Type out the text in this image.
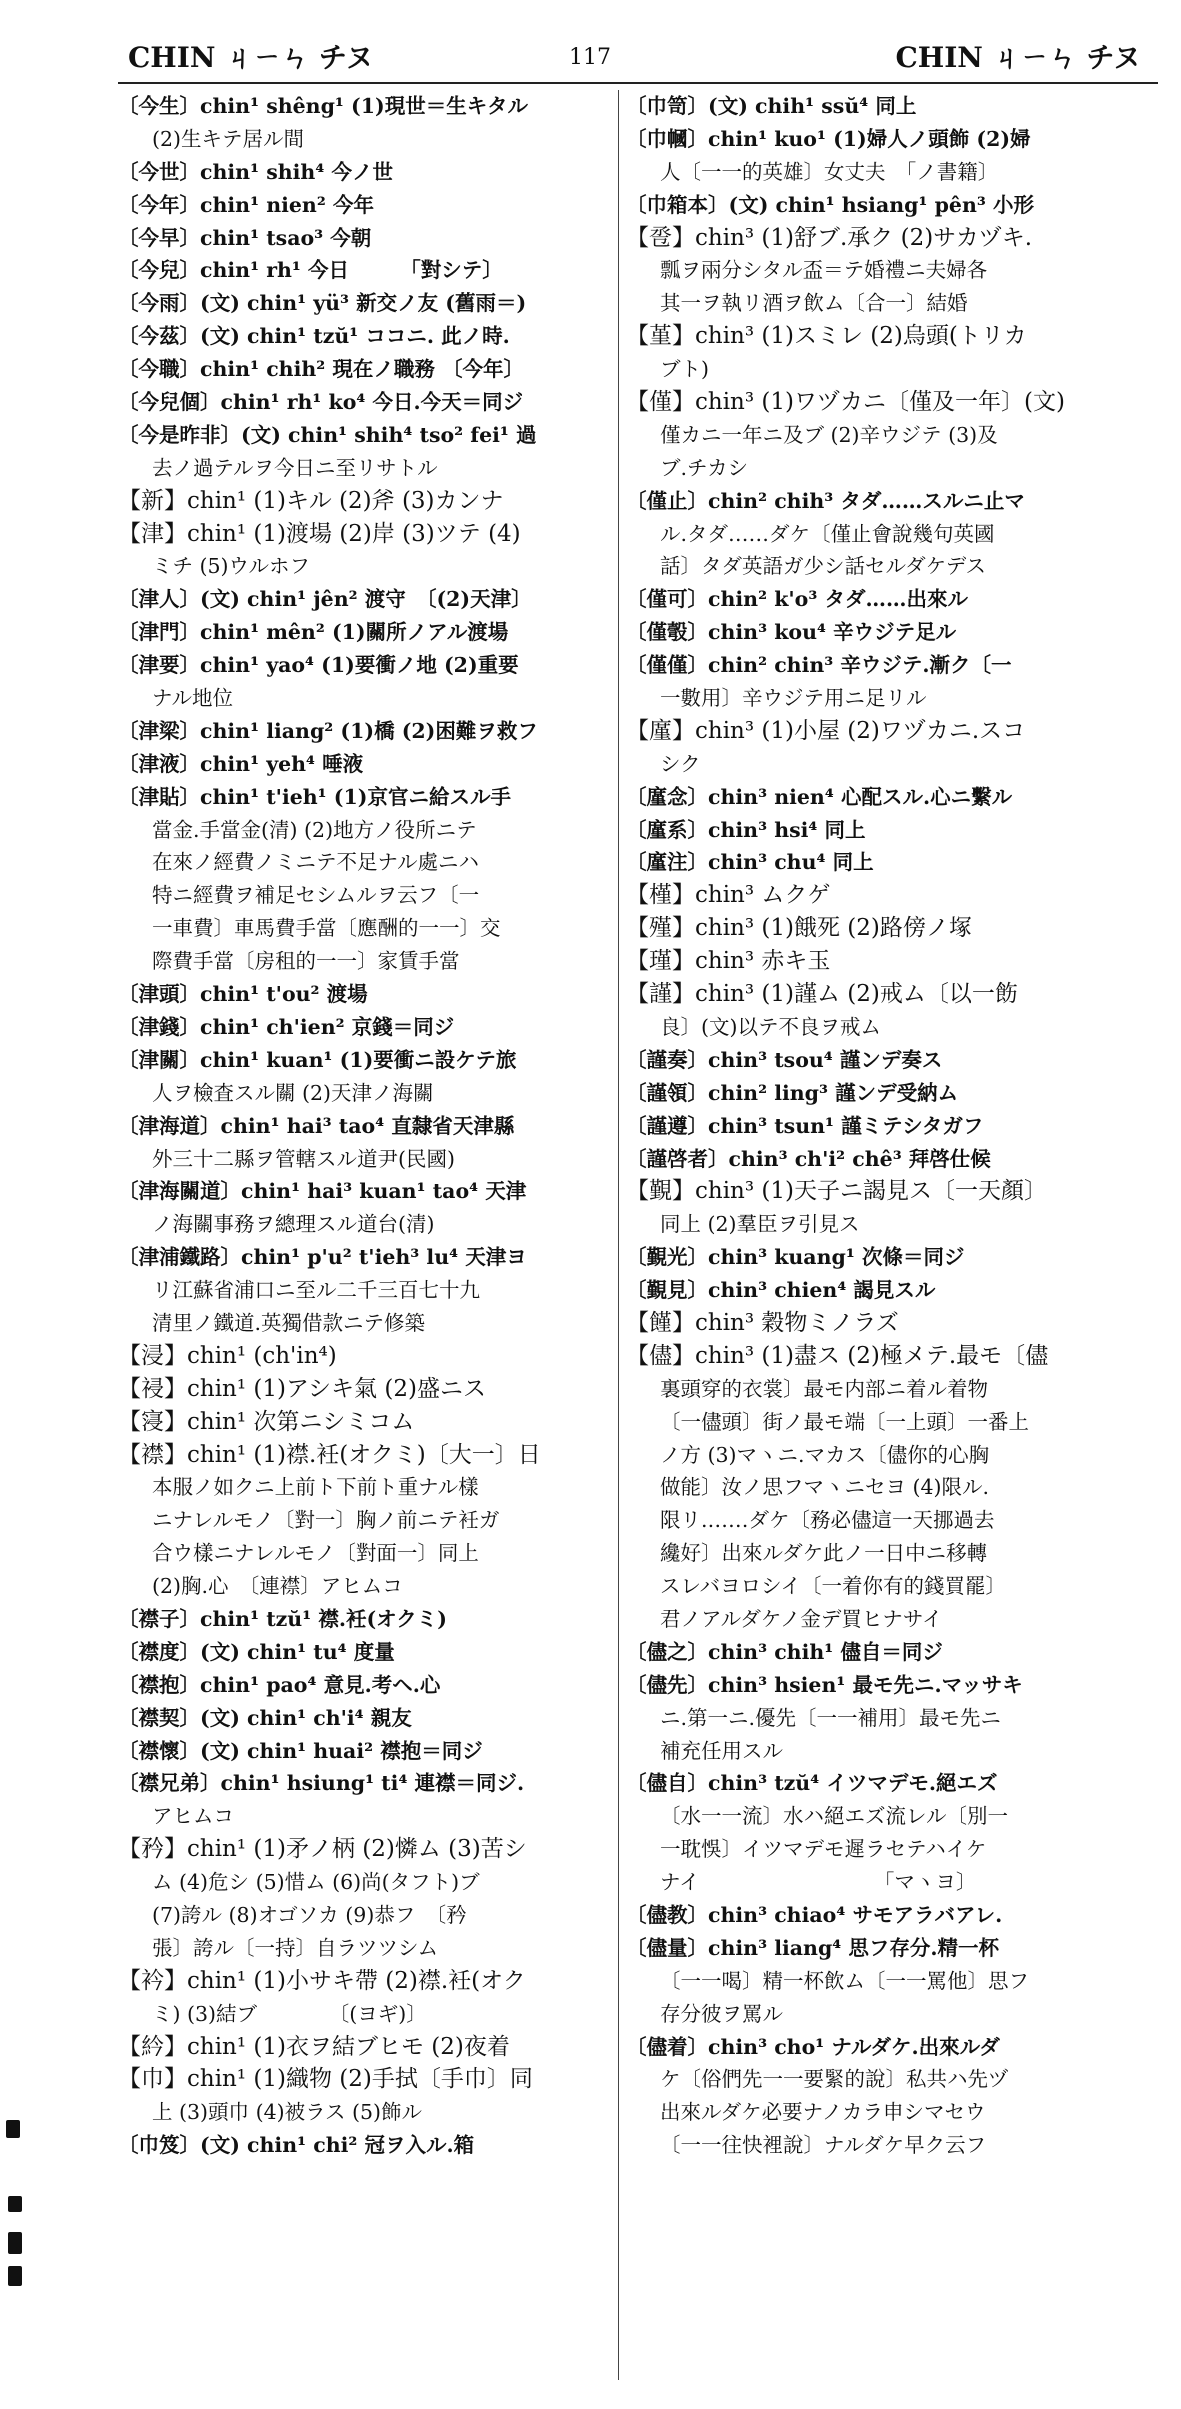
CHIN ㄐㄧㄣ チヌ	117	CHIN ㄐㄧㄣ チヌ
〔今生〕chin¹ shêng¹ (1)現世＝生キタル
(2)生キテ居ル間
〔今世〕chin¹ shih⁴ 今ノ世
〔今年〕chin¹ nien² 今年
〔今早〕chin¹ tsao³ 今朝
〔今兒〕chin¹ rh¹ 今日　　　「對シテ〕
〔今雨〕(文) chin¹ yü³ 新交ノ友 (舊雨＝)
〔今茲〕(文) chin¹ tzŭ¹ ココニ. 此ノ時.
〔今職〕chin¹ chih² 現在ノ職務 〔今年〕
〔今兒個〕chin¹ rh¹ ko⁴ 今日.今天＝同ジ
〔今是昨非〕(文) chin¹ shih⁴ tso² fei¹ 過
去ノ過テルヲ今日ニ至リサトル
【新】chin¹ (1)キル (2)斧 (3)カンナ
【津】chin¹ (1)渡場 (2)岸 (3)ツテ (4)
ミチ (5)ウルホフ
〔津人〕(文) chin¹ jên² 渡守　〔(2)天津〕
〔津門〕chin¹ mên² (1)關所ノアル渡場
〔津要〕chin¹ yao⁴ (1)要衝ノ地 (2)重要
ナル地位
〔津梁〕chin¹ liang² (1)橋 (2)困難ヲ救フ
〔津液〕chin¹ yeh⁴ 唾液
〔津貼〕chin¹ t'ieh¹ (1)京官ニ給スル手
當金.手當金(清) (2)地方ノ役所ニテ
在來ノ經費ノミニテ不足ナル處ニハ
特ニ經費ヲ補足セシムルヲ云フ〔一
一車費〕車馬費手當〔應酬的一一〕交
際費手當〔房租的一一〕家賃手當
〔津頭〕chin¹ t'ou² 渡場
〔津錢〕chin¹ ch'ien² 京錢＝同ジ
〔津關〕chin¹ kuan¹ (1)要衝ニ設ケテ旅
人ヲ檢査スル關 (2)天津ノ海關
〔津海道〕chin¹ hai³ tao⁴ 直隸省天津縣
外三十二縣ヲ管轄スル道尹(民國)
〔津海關道〕chin¹ hai³ kuan¹ tao⁴ 天津
ノ海關事務ヲ總理スル道台(清)
〔津浦鐵路〕chin¹ p'u² t'ieh³ lu⁴ 天津ヨ
リ江蘇省浦口ニ至ル二千三百七十九
清里ノ鐵道.英獨借款ニテ修築
【浸】chin¹ (ch'in⁴)
【祲】chin¹ (1)アシキ氣 (2)盛ニス
【寖】chin¹ 次第ニシミコム
【襟】chin¹ (1)襟.衽(オクミ)〔大一〕日
本服ノ如クニ上前ト下前ト重ナル樣
ニナレルモノ〔對一〕胸ノ前ニテ衽ガ
合ウ樣ニナレルモノ〔對面一〕同上
(2)胸.心　〔連襟〕アヒムコ
〔襟子〕chin¹ tzŭ¹ 襟.衽(オクミ)
〔襟度〕(文) chin¹ tu⁴ 度量
〔襟抱〕chin¹ pao⁴ 意見.考ヘ.心
〔襟契〕(文) chin¹ ch'i⁴ 親友
〔襟懷〕(文) chin¹ huai² 襟抱＝同ジ
〔襟兄弟〕chin¹ hsiung¹ ti⁴ 連襟＝同ジ.
アヒムコ
【矜】chin¹ (1)矛ノ柄 (2)憐ム (3)苦シ
ム (4)危シ (5)惜ム (6)尚(タフト)ブ
(7)誇ル (8)オゴソカ (9)恭フ　〔矜
張〕誇ル〔一持〕自ラツツシム
【衿】chin¹ (1)小サキ帶 (2)襟.衽(オク
ミ) (3)結ブ　　　　〔(ヨギ)〕
【紟】chin¹ (1)衣ヲ結ブヒモ (2)夜着
【巾】chin¹ (1)織物 (2)手拭〔手巾〕同
上 (3)頭巾 (4)被ラス (5)飾ル
〔巾笈〕(文) chin¹ chi² 冠ヲ入ル.箱
〔巾笥〕(文) chih¹ ssŭ⁴ 同上
〔巾幗〕chin¹ kuo¹ (1)婦人ノ頭飾 (2)婦
人〔一一的英雄〕女丈夫　「ノ書籍〕
〔巾箱本〕(文) chin¹ hsiang¹ pên³ 小形
【卺】chin³ (1)舒ブ.承ク (2)サカヅキ.
瓢ヲ兩分シタル盃＝テ婚禮ニ夫婦各
其一ヲ執リ酒ヲ飲ム〔合一〕結婚
【堇】chin³ (1)スミレ (2)烏頭(トリカ
ブト)
【僅】chin³ (1)ワヅカニ〔僅及一年〕(文)
僅カニ一年ニ及ブ (2)辛ウジテ (3)及
ブ.チカシ
〔僅止〕chin² chih³ タダ……スルニ止マ
ル.タダ……ダケ〔僅止會說幾句英國
話〕タダ英語ガ少シ話セルダケデス
〔僅可〕chin² k'o³ タダ……出來ル
〔僅彀〕chin³ kou⁴ 辛ウジテ足ル
〔僅僅〕chin² chin³ 辛ウジテ.漸ク〔一
一數用〕辛ウジテ用ニ足リル
【廑】chin³ (1)小屋 (2)ワヅカニ.スコ
シク
〔廑念〕chin³ nien⁴ 心配スル.心ニ繫ル
〔廑系〕chin³ hsi⁴ 同上
〔廑注〕chin³ chu⁴ 同上
【槿】chin³ ムクゲ
【殣】chin³ (1)餓死 (2)路傍ノ塚
【瑾】chin³ 赤キ玉
【謹】chin³ (1)謹ム (2)戒ム〔以一飭
良〕(文)以テ不良ヲ戒ム
〔謹奏〕chin³ tsou⁴ 謹ンデ奏ス
〔謹領〕chin² ling³ 謹ンデ受納ム
〔謹遵〕chin³ tsun¹ 謹ミテシタガフ
〔謹啓者〕chin³ ch'i² chê³ 拜啓仕候
【覲】chin³ (1)天子ニ謁見ス〔一天顏〕
同上 (2)羣臣ヲ引見ス
〔覲光〕chin³ kuang¹ 次條＝同ジ
〔覲見〕chin³ chien⁴ 謁見スル
【饉】chin³ 穀物ミノラズ
【儘】chin³ (1)盡ス (2)極メテ.最モ〔儘
裏頭穿的衣裳〕最モ内部ニ着ル着物
〔一儘頭〕街ノ最モ端〔一上頭〕一番上
ノ方 (3)マヽニ.マカス〔儘你的心胸
做能〕汝ノ思フマヽニセヨ (4)限ル.
限リ.……ダケ〔務必儘這一天挪過去
纔好〕出來ルダケ此ノ一日中ニ移轉
スレバヨロシイ〔一着你有的錢買罷〕
君ノアルダケノ金デ買ヒナサイ
〔儘之〕chin³ chih¹ 儘自＝同ジ
〔儘先〕chin³ hsien¹ 最モ先ニ.マッサキ
ニ.第一ニ.優先〔一一補用〕最モ先ニ
補充任用スル
〔儘自〕chin³ tzŭ⁴ イツマデモ.絕エズ
〔水一一流〕水ハ絕エズ流レル〔別一
一耽悞〕イツマデモ遲ラセテハイケ
ナイ　　　　　　　　　「マヽヨ〕
〔儘教〕chin³ chiao⁴ サモアラバアレ.
〔儘量〕chin³ liang⁴ 思フ存分.精一杯
〔一一喝〕精一杯飲ム〔一一罵他〕思フ
存分彼ヲ罵ル
〔儘着〕chin³ cho¹ ナルダケ.出來ルダ
ケ〔俗們先一一要緊的說〕私共ハ先ヅ
出來ルダケ必要ナノカラ申シマセウ
〔一一往快裡說〕ナルダケ早ク云フ
